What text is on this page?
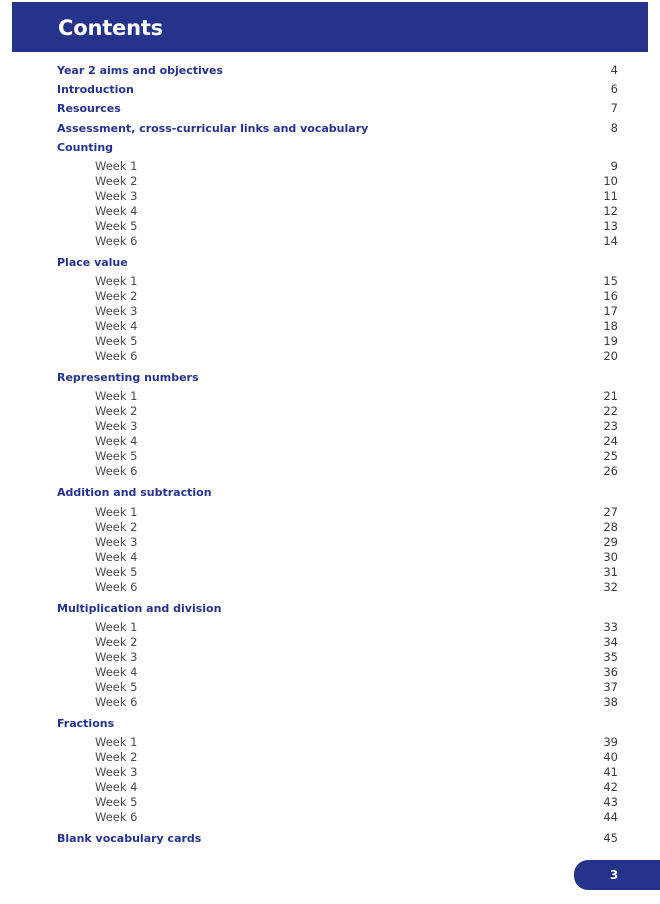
Contents
Year 2 aims and objectives	4
Introduction	6
Resources	7
Assessment, cross-curricular links and vocabulary	8
Counting
Week 1	9
Week 2	10
Week 3	11
Week 4	12
Week 5	13
Week 6	14
Place value
Week 1	15
Week 2	16
Week 3	17
Week 4	18
Week 5	19
Week 6	20
Representing numbers
Week 1	21
Week 2	22
Week 3	23
Week 4	24
Week 5	25
Week 6	26
Addition and subtraction
Week 1	27
Week 2	28
Week 3	29
Week 4	30
Week 5	31
Week 6	32
Multiplication and division
Week 1	33
Week 2	34
Week 3	35
Week 4	36
Week 5	37
Week 6	38
Fractions
Week 1	39
Week 2	40
Week 3	41
Week 4	42
Week 5	43
Week 6	44
Blank vocabulary cards	45
3
